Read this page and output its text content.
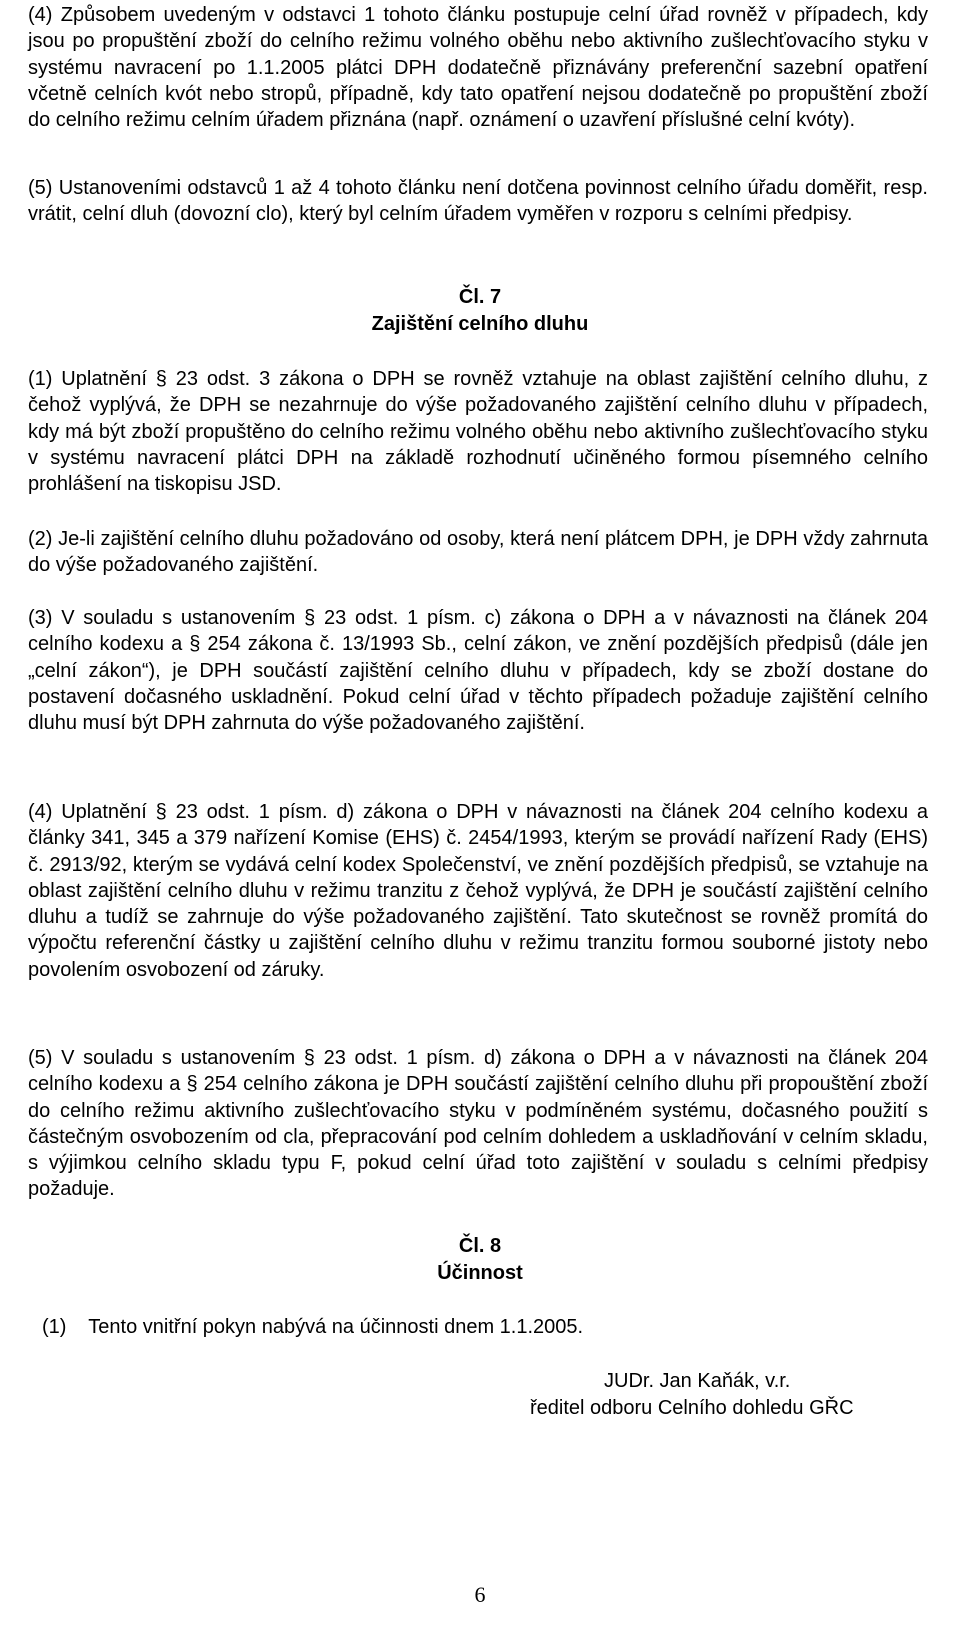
(4) Způsobem uvedeným v odstavci 1 tohoto článku postupuje celní úřad rovněž v případech, kdy jsou po propuštění zboží do celního režimu volného oběhu nebo aktivního zušlechťovacího styku v systému navracení po 1.1.2005 plátci DPH dodatečně přiznávány preferenční sazební opatření včetně celních kvót nebo stropů, případně, kdy tato opatření nejsou dodatečně po propuštění zboží do celního režimu celním úřadem přiznána (např. oznámení o uzavření příslušné celní kvóty).

(5) Ustanoveními odstavců 1 až 4 tohoto článku není dotčena povinnost celního úřadu doměřit, resp. vrátit, celní dluh (dovozní clo), který byl celním úřadem vyměřen v rozporu s celními předpisy.

Čl. 7

Zajištění celního dluhu

(1) Uplatnění § 23 odst. 3 zákona o DPH se rovněž vztahuje na oblast zajištění celního dluhu, z čehož vyplývá, že DPH se nezahrnuje do výše požadovaného zajištění celního dluhu v případech, kdy má být zboží propuštěno do celního režimu volného oběhu nebo aktivního zušlechťovacího styku v systému navracení plátci DPH na základě rozhodnutí učiněného formou písemného celního prohlášení na tiskopisu JSD.

(2) Je-li zajištění celního dluhu požadováno od osoby, která není plátcem DPH, je DPH vždy zahrnuta do výše požadovaného zajištění.

(3) V souladu s ustanovením § 23 odst. 1 písm. c) zákona o DPH a v návaznosti na článek 204 celního kodexu a § 254 zákona č. 13/1993 Sb., celní zákon, ve znění pozdějších předpisů (dále jen „celní zákon“), je DPH součástí zajištění celního dluhu v případech, kdy se zboží dostane do postavení dočasného uskladnění. Pokud celní úřad v těchto případech požaduje zajištění celního dluhu musí být DPH zahrnuta do výše požadovaného zajištění.

(4) Uplatnění § 23 odst. 1 písm. d) zákona o DPH v návaznosti na článek 204 celního kodexu a články 341, 345 a 379 nařízení Komise (EHS) č. 2454/1993, kterým se provádí nařízení Rady (EHS) č. 2913/92, kterým se vydává celní kodex Společenství, ve znění pozdějších předpisů, se vztahuje na oblast zajištění celního dluhu v režimu tranzitu z čehož vyplývá, že DPH je součástí zajištění celního dluhu a tudíž se zahrnuje do výše požadovaného zajištění. Tato skutečnost se rovněž promítá do výpočtu referenční částky u zajištění celního dluhu v režimu tranzitu formou souborné jistoty nebo povolením osvobození od záruky.

(5) V souladu s ustanovením § 23 odst. 1 písm. d) zákona o DPH a v návaznosti na článek 204 celního kodexu a § 254 celního zákona je DPH součástí zajištění celního dluhu při propouštění zboží do celního režimu aktivního zušlechťovacího styku v podmíněném systému, dočasného použití s částečným osvobozením od cla, přepracování pod celním dohledem a uskladňování v celním skladu, s výjimkou celního skladu typu F, pokud celní úřad toto zajištění v souladu s celními předpisy požaduje.

Čl. 8

Účinnost

(1)    Tento vnitřní pokyn nabývá na účinnosti dnem 1.1.2005.

JUDr. Jan Kaňák, v.r.

ředitel odboru Celního dohledu GŘC

6
